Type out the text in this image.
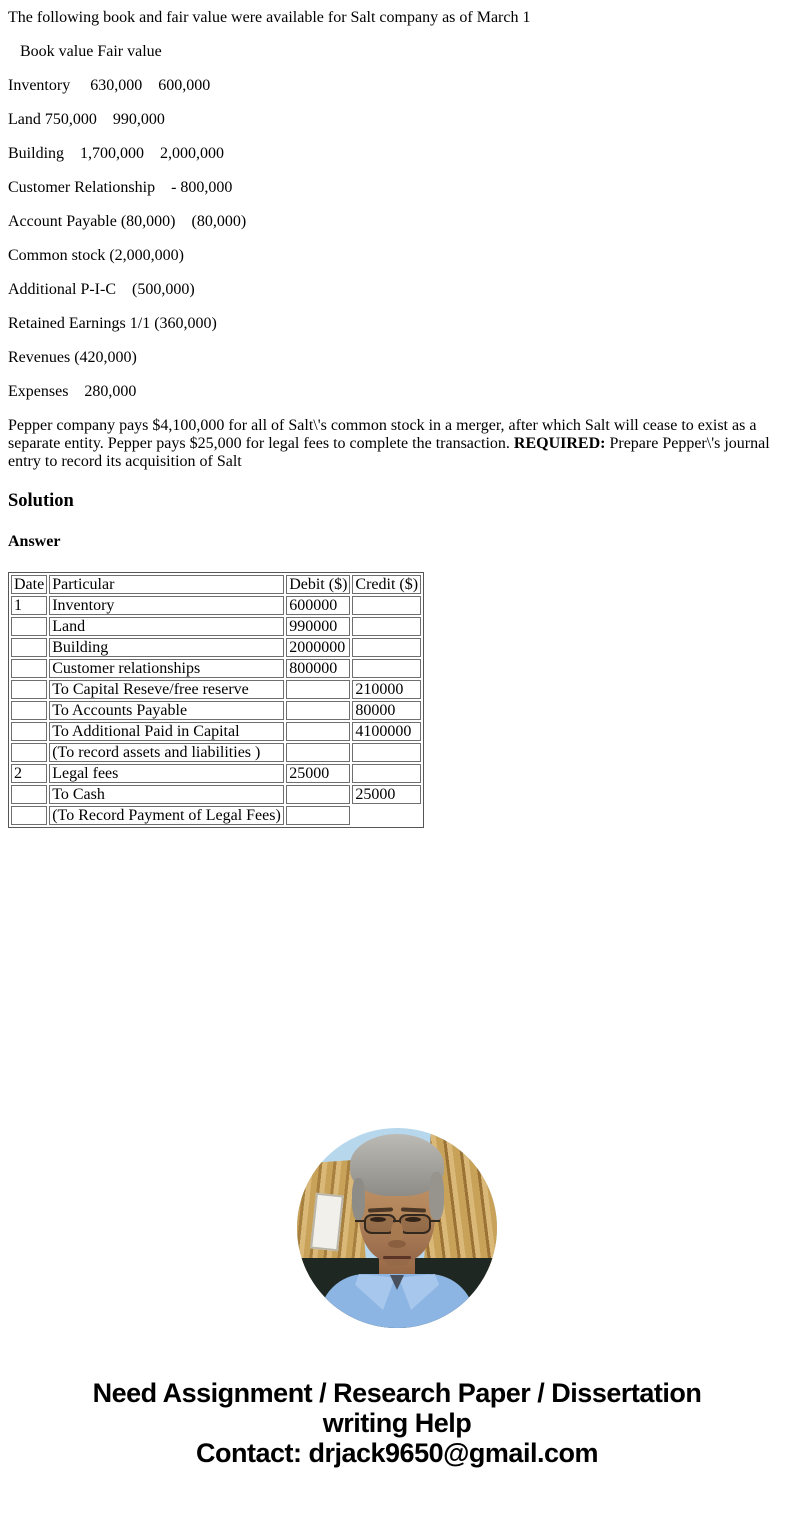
The following book and fair value were available for Salt company as of March 1

Book value Fair value

Inventory     630,000    600,000

Land 750,000    990,000

Building    1,700,000    2,000,000

Customer Relationship    - 800,000

Account Payable (80,000)    (80,000)

Common stock (2,000,000)

Additional P-I-C    (500,000)

Retained Earnings 1/1 (360,000)

Revenues (420,000)

Expenses    280,000

Pepper company pays $4,100,000 for all of Salt\'s common stock in a merger, after which Salt will cease to exist as a separate entity. Pepper pays $25,000 for legal fees to complete the transaction. REQUIRED: Prepare Pepper\'s journal entry to record its acquisition of Salt

Solution
Answer
Date	Particular	Debit ($)	Credit ($)
1	Inventory	600000	
	Land	990000	
	Building	2000000	
	Customer relationships	800000	
	To Capital Reseve/free reserve		210000
	To Accounts Payable		80000
	To Additional Paid in Capital		4100000
	(To record assets and liabilities )		
2	Legal fees	25000	
	To Cash		25000
	(To Record Payment of Legal Fees)		
Need Assignment / Research Paper / Dissertation
writing Help
Contact: drjack9650@gmail.com
